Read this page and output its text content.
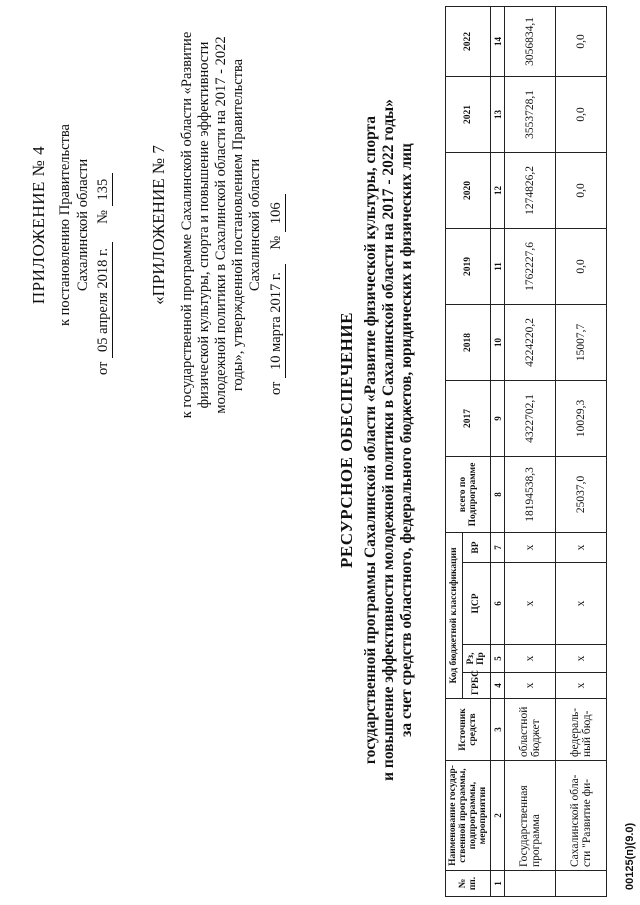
ПРИЛОЖЕНИЕ № 4 к постановлению Правительства Сахалинской области
от 05 апреля 2018 г.     № 135 «ПРИЛОЖЕНИЕ № 7 к государственной программе Сахалинской области «Развитие физической культуры, спорта и повышение эффективности молодежной политики в Сахалинской области на 2017 - 2022 годы», утвержденной постановлением Правительства Сахалинской области
от 10 марта 2017 г.    № 106
РЕСУРСНОЕ ОБЕСПЕЧЕНИЕ государственной программы Сахалинской области «Развитие физической культуры, спорта и повышение эффективности молодежной политики в Сахалинской области на 2017 - 2022 годы» за счет средств областного, федерального бюджетов, юридических и физических лиц
№ пп.	Наименование государ-ственной программы, подпрограммы, мероприятия	Источник средств	Код бюджетной классификации				всего по Подпрограмме	2017	2018	2019	2020	2021	2022
			ГРБС	Рз, Пр	ЦСР	ВР							
1	2	3	4	5	6	7	8	9	10	11	12	13	14
	Государственная программа	областной бюджет	х	х	х	х	18194538,3	4322702,1	4224220,2	1762227,6	1274826,2	3553728,1	3056834,1
	Сахалинской обла-сти "Развитие фи-	федераль-ный бюд-	х	х	х	х	25037,0	10029,3	15007,7	0,0	0,0	0,0	0,0
00125(п)(9.0)
